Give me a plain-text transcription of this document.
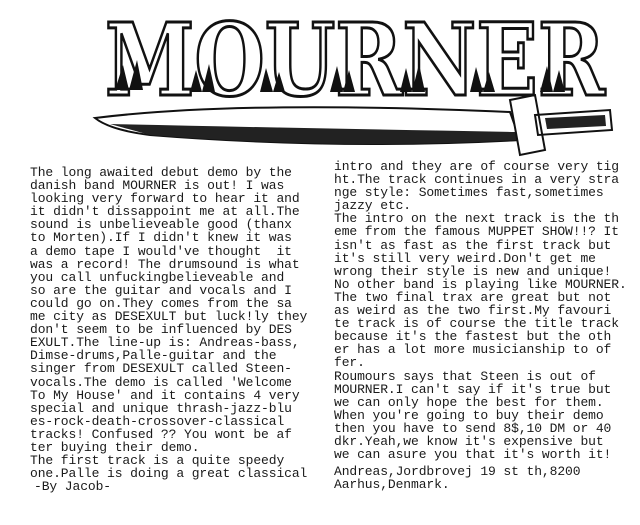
MOURNER
The long awaited debut demo by the
danish band MOURNER is out! I was
looking very forward to hear it and
it didn't dissappoint me at all.The
sound is unbelieveable good (thanx
to Morten).If I didn't knew it was
a demo tape I would've thought  it
was a record! The drumsound is what
you call unfuckingbelieveable and
so are the guitar and vocals and I
could go on.They comes from the sa
me city as DESEXULT but luck!ly they
don't seem to be influenced by DES
EXULT.The line-up is: Andreas-bass,
Dimse-drums,Palle-guitar and the
singer from DESEXULT called Steen-
vocals.The demo is called 'Welcome
To My House' and it contains 4 very
special and unique thrash-jazz-blu
es-rock-death-crossover-classical
tracks! Confused ?? You wont be af
ter buying their demo.
The first track is a quite speedy
one.Palle is doing a great classical
-By Jacob-
intro and they are of course very tig
ht.The track continues in a very stra
nge style: Sometimes fast,sometimes
jazzy etc.
The intro on the next track is the th
eme from the famous MUPPET SHOW!!? It
isn't as fast as the first track but
it's still very weird.Don't get me
wrong their style is new and unique!
No other band is playing like MOURNER.
The two final trax are great but not
as weird as the two first.My favouri
te track is of course the title track
because it's the fastest but the oth
er has a lot more musicianship to of
fer.
Roumours says that Steen is out of
MOURNER.I can't say if it's true but
we can only hope the best for them.
When you're going to buy their demo
then you have to send 8$,10 DM or 40
dkr.Yeah,we know it's expensive but
we can asure you that it's worth it!
Andreas,Jordbrovej 19 st th,8200
Aarhus,Denmark.
